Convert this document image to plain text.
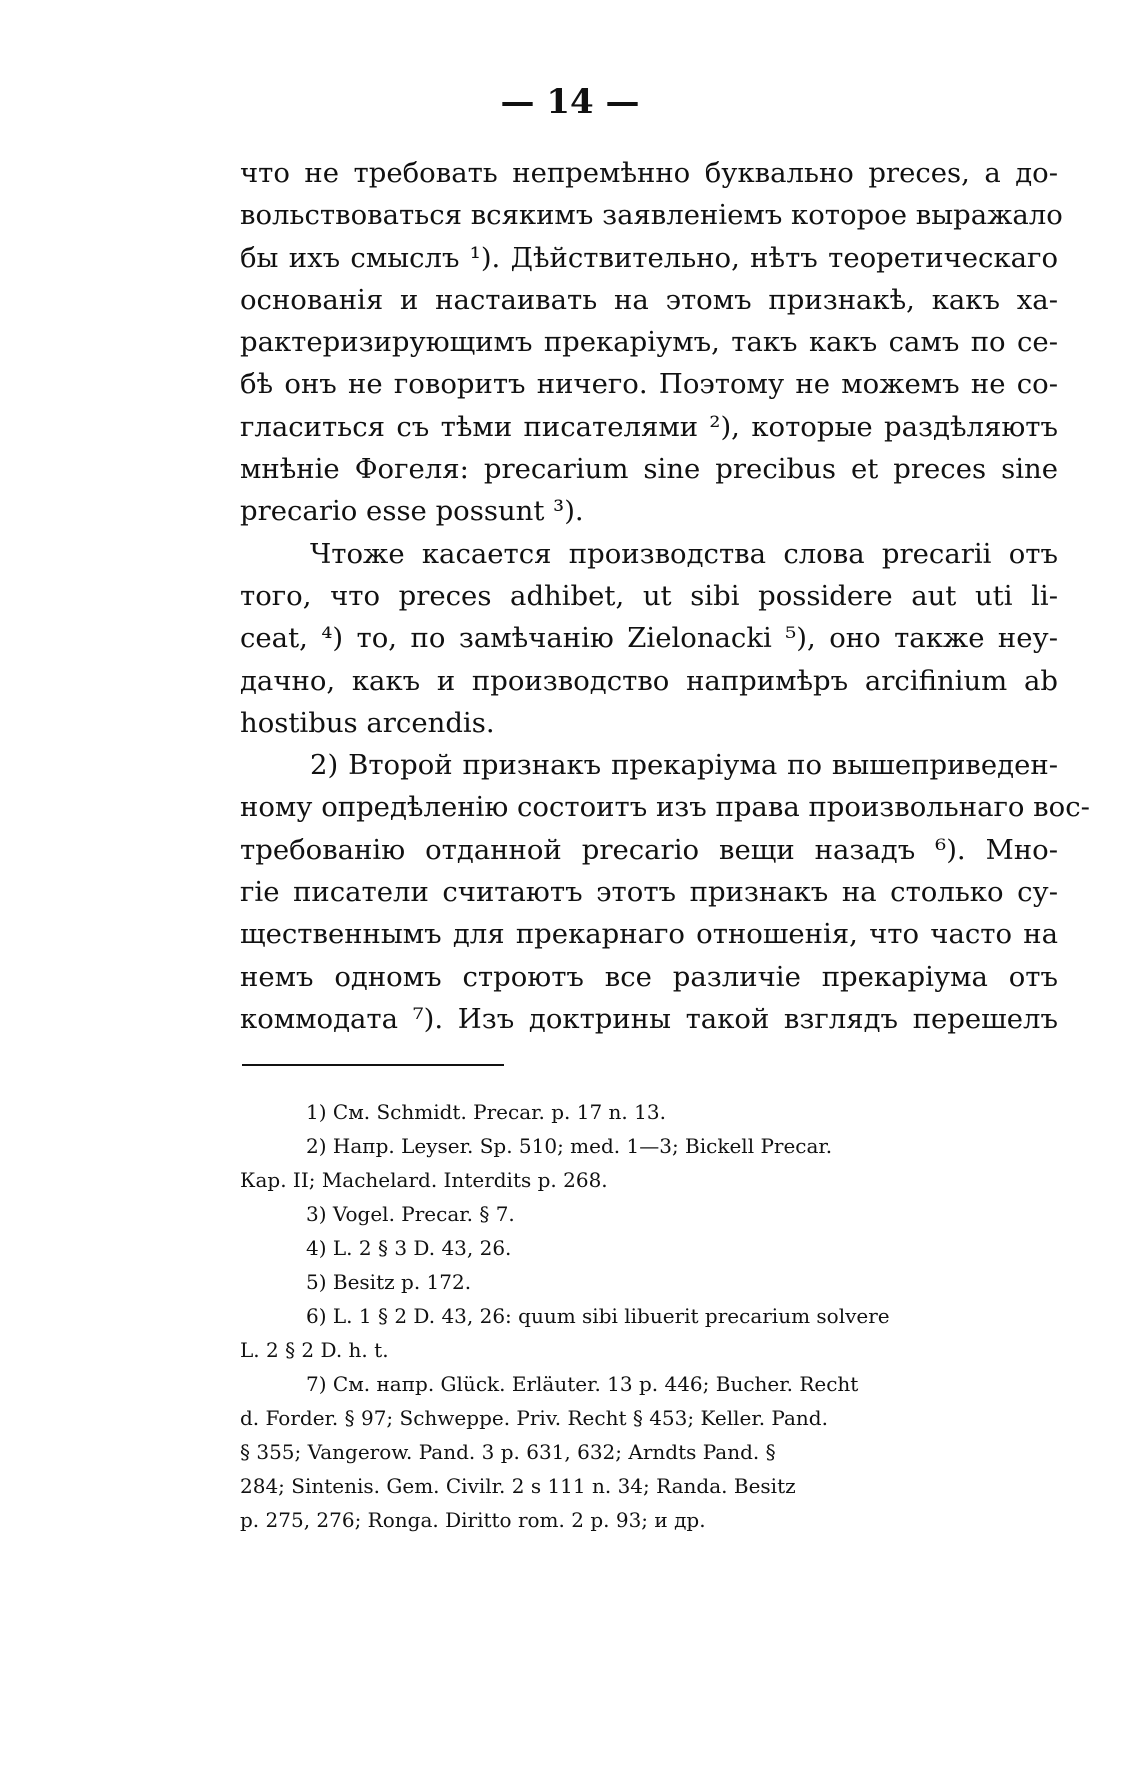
— 14 —

что не требовать непремѣнно буквально preces, а до-
вольствоваться всякимъ заявленіемъ которое выражало
бы ихъ смыслъ ¹). Дѣйствительно, нѣтъ теоретическаго
основанія и настаивать на этомъ признакѣ, какъ ха-
рактеризирующимъ прекаріумъ, такъ какъ самъ по се-
бѣ онъ не говоритъ ничего. Поэтому не можемъ не со-
гласиться съ тѣми писателями ²), которые раздѣляютъ
мнѣніе Фогеля: precarium sine precibus et preces sine
precario esse possunt ³).

Чтоже касается производства слова precarii отъ
того, что preces adhibet, ut sibi possidere aut uti li-
ceat, ⁴) то, по замѣчанію Zielonacki ⁵), оно также неу-
дачно, какъ и производство напримѣръ arcifinium ab
hostibus arcendis.

2) Второй признакъ прекаріума по вышеприведен-
ному опредѣленію состоитъ изъ права произвольнаго вос-
требованію отданной precario вещи назадъ ⁶). Мно-
гіе писатели считаютъ этотъ признакъ на столько су-
щественнымъ для прекарнаго отношенія, что часто на
немъ одномъ строютъ все различіе прекаріума отъ
коммодата ⁷). Изъ доктрины такой взглядъ перешелъ

1) См. Schmidt. Precar. p. 17 n. 13.
2) Напр. Leyser. Sp. 510; med. 1—3; Bickell Precar.
Кар. II; Machelard. Interdits p. 268.
3) Vogel. Precar. § 7.
4) L. 2 § 3 D. 43, 26.
5) Besitz p. 172.
6) L. 1 § 2 D. 43, 26: quum sibi libuerit precarium solvere
L. 2 § 2 D. h. t.
7) См. напр. Glück. Erläuter. 13 p. 446; Bucher. Recht
d. Forder. § 97; Schweppe. Priv. Recht § 453; Keller. Pand.
§ 355; Vangerow. Pand. 3 p. 631, 632; Arndts Pand. §
284; Sintenis. Gem. Civilr. 2 s 111 n. 34; Randa. Besitz
p. 275, 276; Ronga. Diritto rom. 2 p. 93; и др.
